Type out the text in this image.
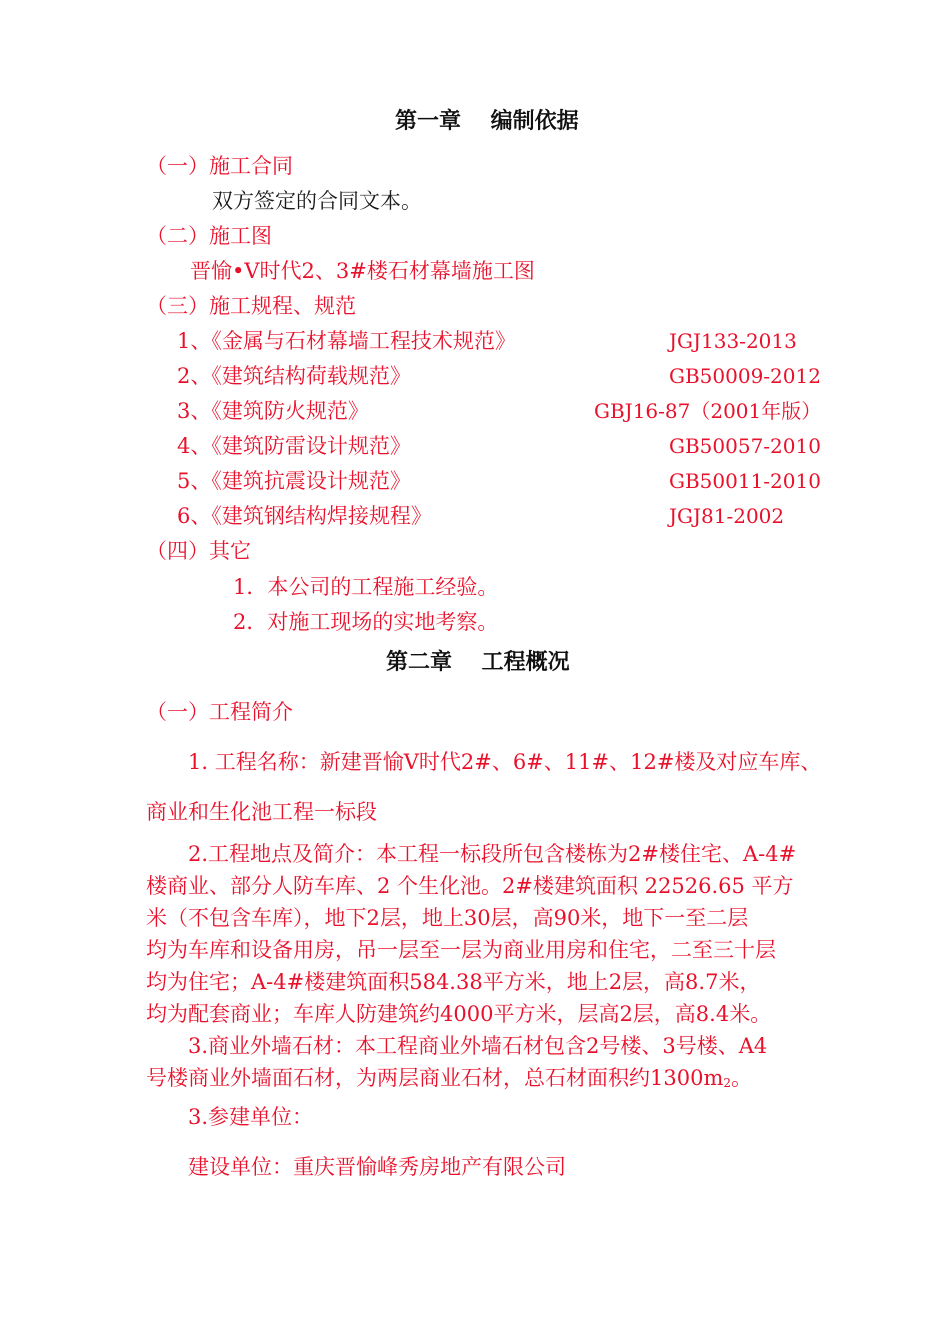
第一章　 编制依据
（一）施工合同
双方签定的合同文本。
（二）施工图
晋愉•V时代2、3#楼石材幕墙施工图
（三）施工规程、规范
1、《金属与石材幕墙工程技术规范》	JGJ133-2013
2、《建筑结构荷载规范》	GB50009-2012
3、《建筑防火规范》	GBJ16-87（2001年版）
4、《建筑防雷设计规范》	GB50057-2010
5、《建筑抗震设计规范》	GB50011-2010
6、《建筑钢结构焊接规程》	JGJ81-2002
（四）其它
1．本公司的工程施工经验。
2．对施工现场的实地考察。
第二章　 工程概况
（一）工程简介
1. 工程名称：新建晋愉V时代2#、6#、11#、12#楼及对应车库、
商业和生化池工程一标段
2.工程地点及简介：本工程一标段所包含楼栋为2#楼住宅、A-4#
楼商业、部分人防车库、2 个生化池。2#楼建筑面积 22526.65 平方
米（不包含车库），地下2层，地上30层，高90米，地下一至二层
均为车库和设备用房，吊一层至一层为商业用房和住宅，二至三十层
均为住宅；A-4#楼建筑面积584.38平方米，地上2层，高8.7米，
均为配套商业；车库人防建筑约4000平方米，层高2层，高8.4米。
3.商业外墙石材：本工程商业外墙石材包含2号楼、3号楼、A4
号楼商业外墙面石材，为两层商业石材，总石材面积约1300m2。
3.参建单位：
建设单位：重庆晋愉峰秀房地产有限公司
